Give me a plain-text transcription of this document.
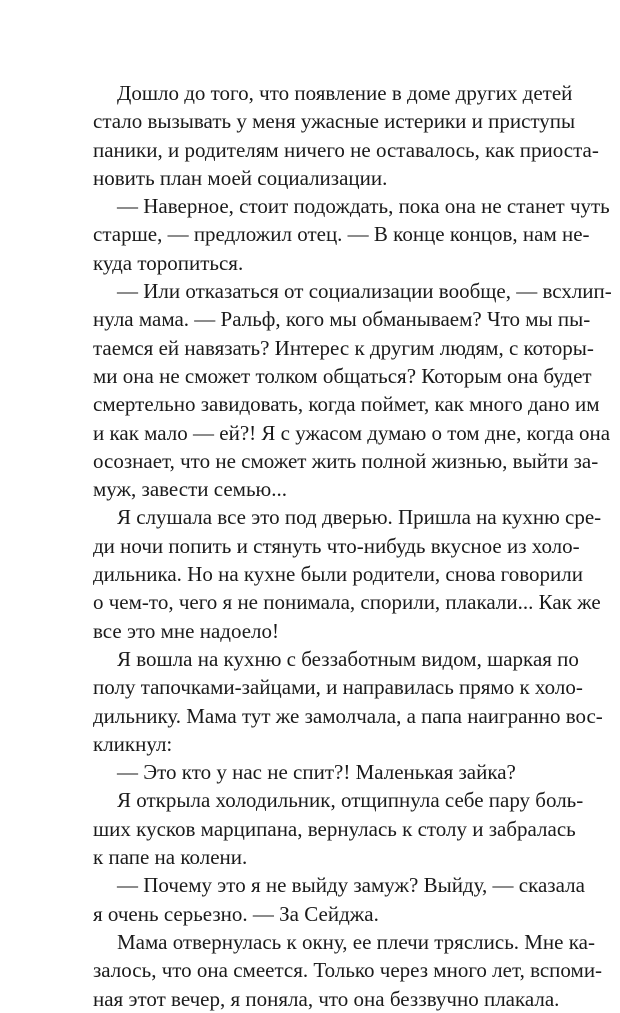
Дошло до того, что появление в доме других детей
стало вызывать у меня ужасные истерики и приступы
паники, и родителям ничего не оставалось, как приоста-
новить план моей социализации.
— Наверное, стоит подождать, пока она не станет чуть
старше, — предложил отец. — В конце концов, нам не-
куда торопиться.
— Или отказаться от социализации вообще, — всхлип-
нула мама. — Ральф, кого мы обманываем? Что мы пы-
таемся ей навязать? Интерес к другим людям, с которы-
ми она не сможет толком общаться? Которым она будет
смертельно завидовать, когда поймет, как много дано им
и как мало — ей?! Я с ужасом думаю о том дне, когда она
осознает, что не сможет жить полной жизнью, выйти за-
муж, завести семью...
Я слушала все это под дверью. Пришла на кухню сре-
ди ночи попить и стянуть что-нибудь вкусное из холо-
дильника. Но на кухне были родители, снова говорили
о чем-то, чего я не понимала, спорили, плакали... Как же
все это мне надоело!
Я вошла на кухню с беззаботным видом, шаркая по
полу тапочками-зайцами, и направилась прямо к холо-
дильнику. Мама тут же замолчала, а папа наигранно вос-
кликнул:
— Это кто у нас не спит?! Маленькая зайка?
Я открыла холодильник, отщипнула себе пару боль-
ших кусков марципана, вернулась к столу и забралась
к папе на колени.
— Почему это я не выйду замуж? Выйду, — сказала
я очень серьезно. — За Сейджа.
Мама отвернулась к окну, ее плечи тряслись. Мне ка-
залось, что она смеется. Только через много лет, вспоми-
ная этот вечер, я поняла, что она беззвучно плакала.
